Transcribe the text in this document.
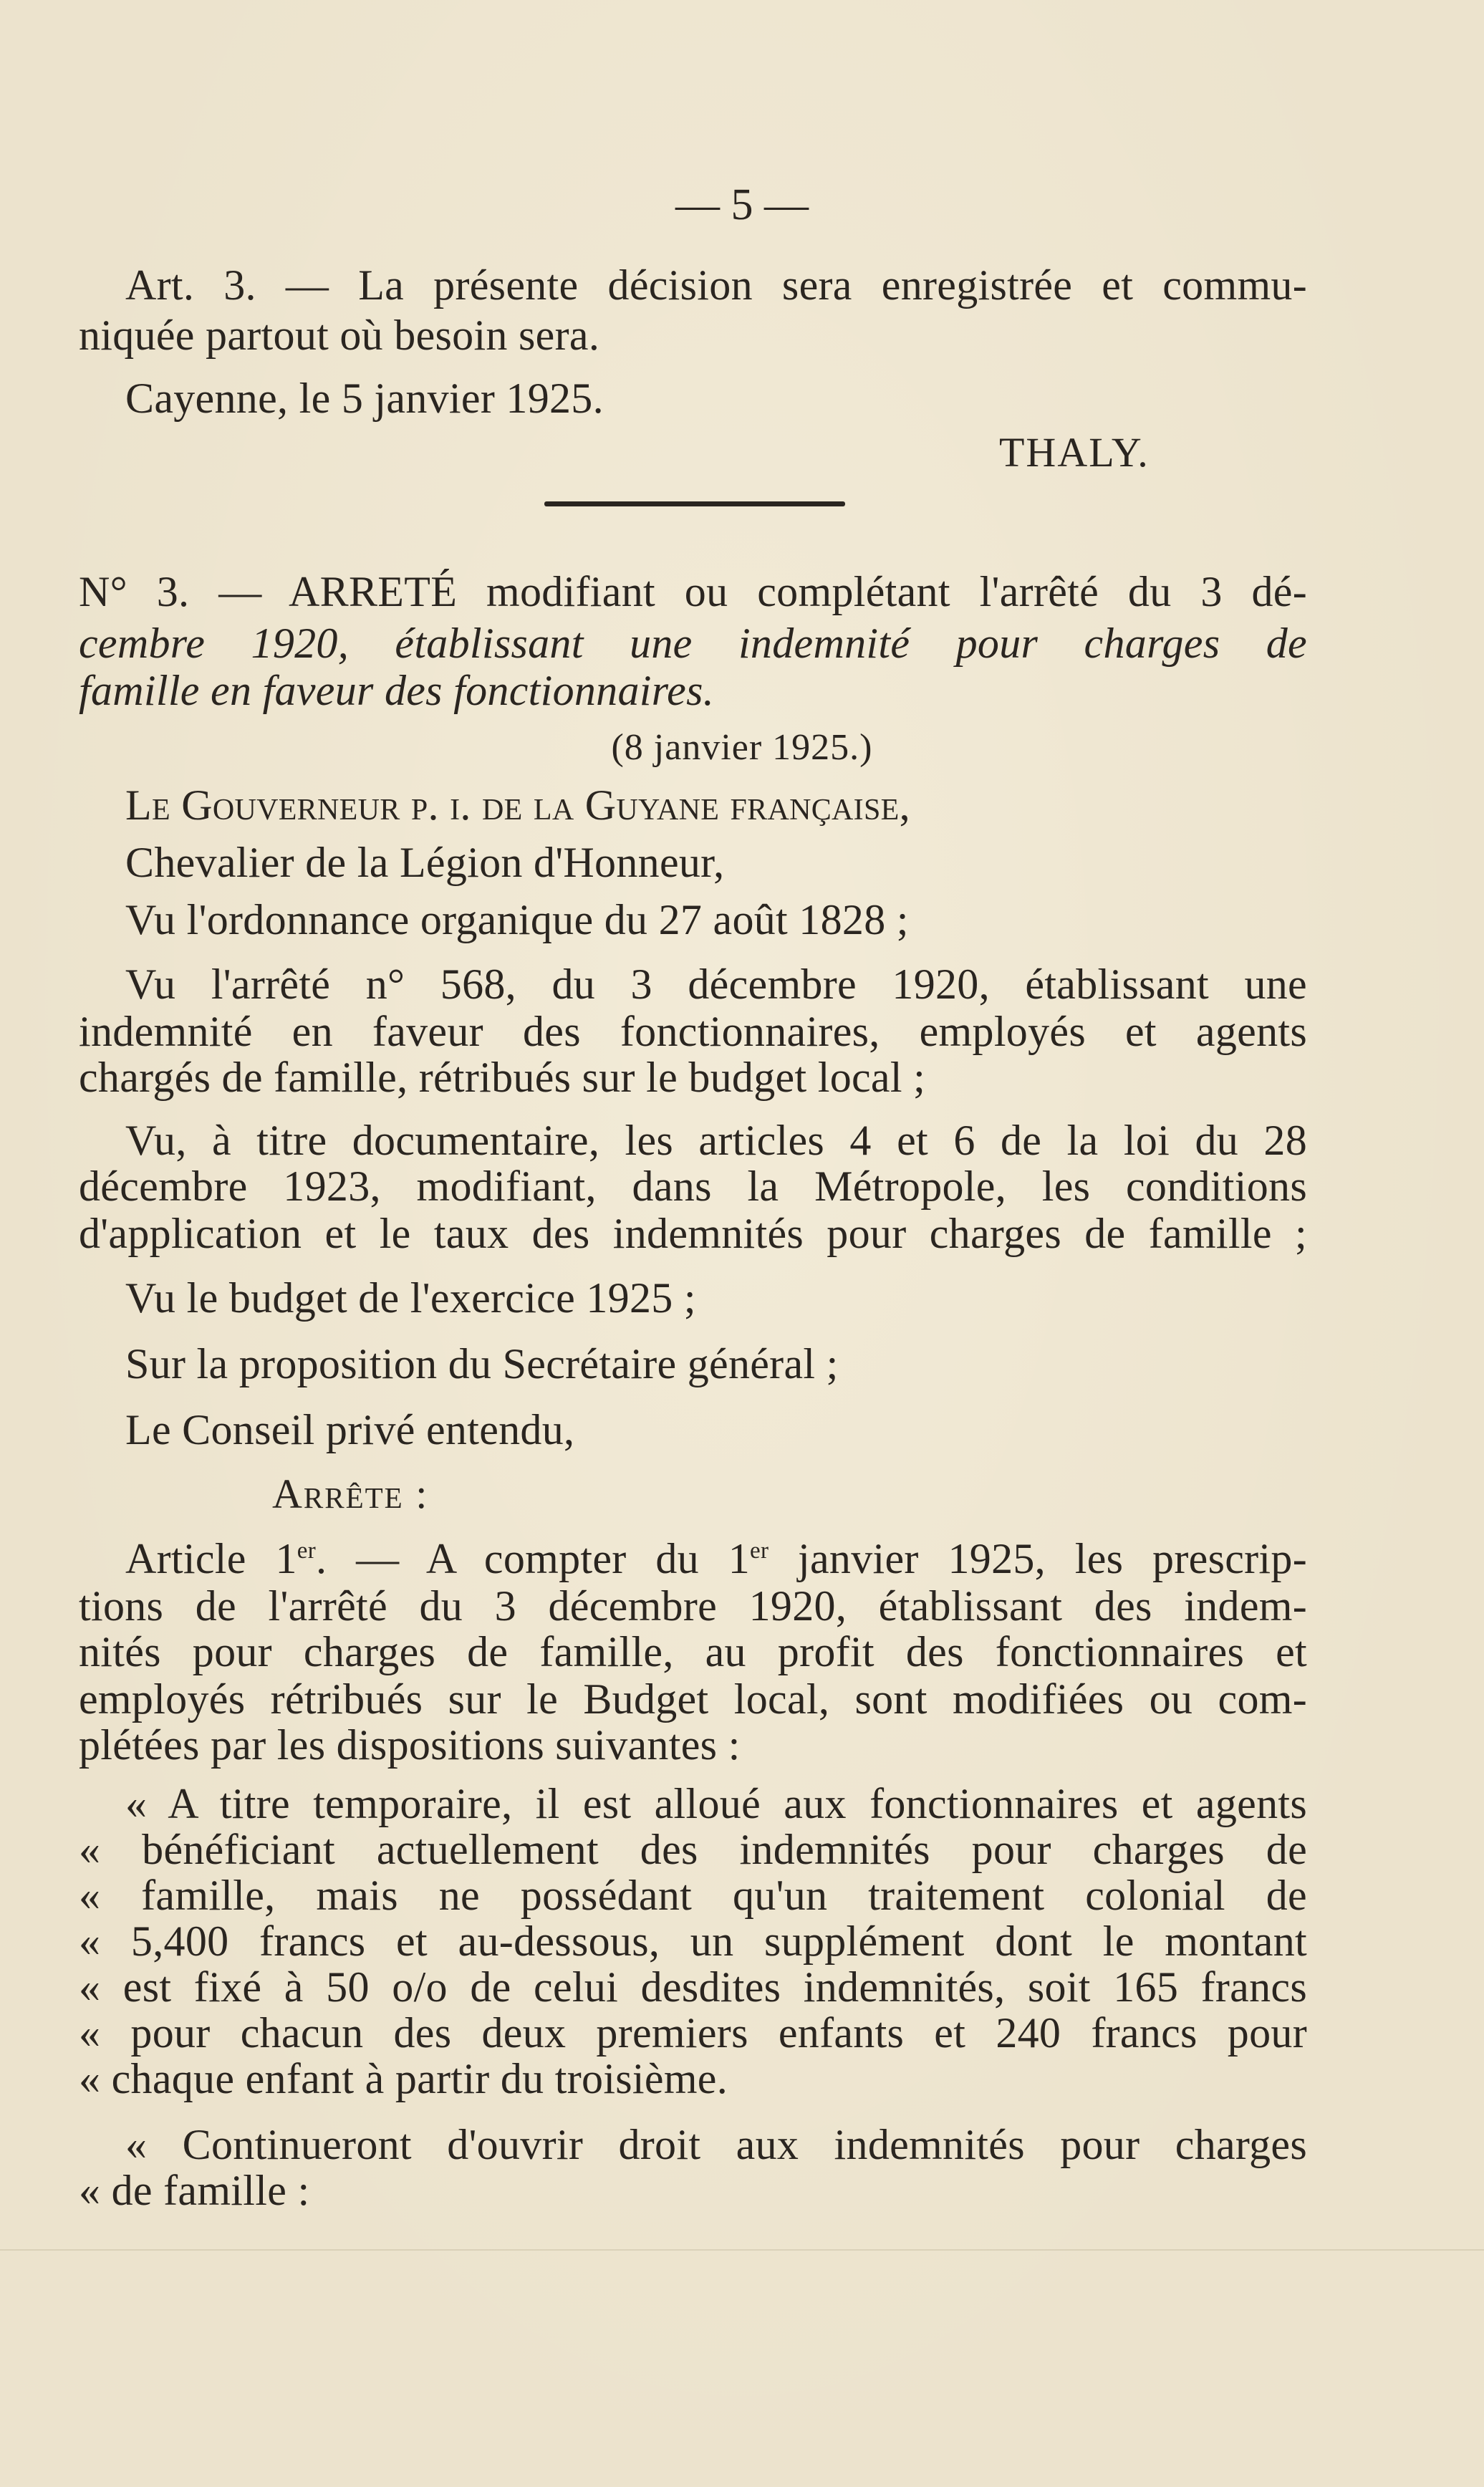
— 5 —
Art. 3. — La présente décision sera enregistrée et commu-
niquée partout où besoin sera.
Cayenne, le 5 janvier 1925.
THALY.
N° 3. — ARRETÉ modifiant ou complétant l'arrêté du 3 dé-
cembre 1920, établissant une indemnité pour charges de
famille en faveur des fonctionnaires.
(8 janvier 1925.)
Le Gouverneur p. i. de la Guyane française,
Chevalier de la Légion d'Honneur,
Vu l'ordonnance organique du 27 août 1828 ;
Vu l'arrêté n° 568, du 3 décembre 1920, établissant une
indemnité en faveur des fonctionnaires, employés et agents
chargés de famille, rétribués sur le budget local ;
Vu, à titre documentaire, les articles 4 et 6 de la loi du 28
décembre 1923, modifiant, dans la Métropole, les conditions
d'application et le taux des indemnités pour charges de famille ;
Vu le budget de l'exercice 1925 ;
Sur la proposition du Secrétaire général ;
Le Conseil privé entendu,
Arrête :
Article 1er. — A compter du 1er janvier 1925, les prescrip-
tions de l'arrêté du 3 décembre 1920, établissant des indem-
nités pour charges de famille, au profit des fonctionnaires et
employés rétribués sur le Budget local, sont modifiées ou com-
plétées par les dispositions suivantes :
« A titre temporaire, il est alloué aux fonctionnaires et agents
« bénéficiant actuellement des indemnités pour charges de
« famille, mais ne possédant qu'un traitement colonial de
« 5,400 francs et au-dessous, un supplément dont le montant
« est fixé à 50 o/o de celui desdites indemnités, soit 165 francs
« pour chacun des deux premiers enfants et 240 francs pour
« chaque enfant à partir du troisième.
« Continueront d'ouvrir droit aux indemnités pour charges
« de famille :
